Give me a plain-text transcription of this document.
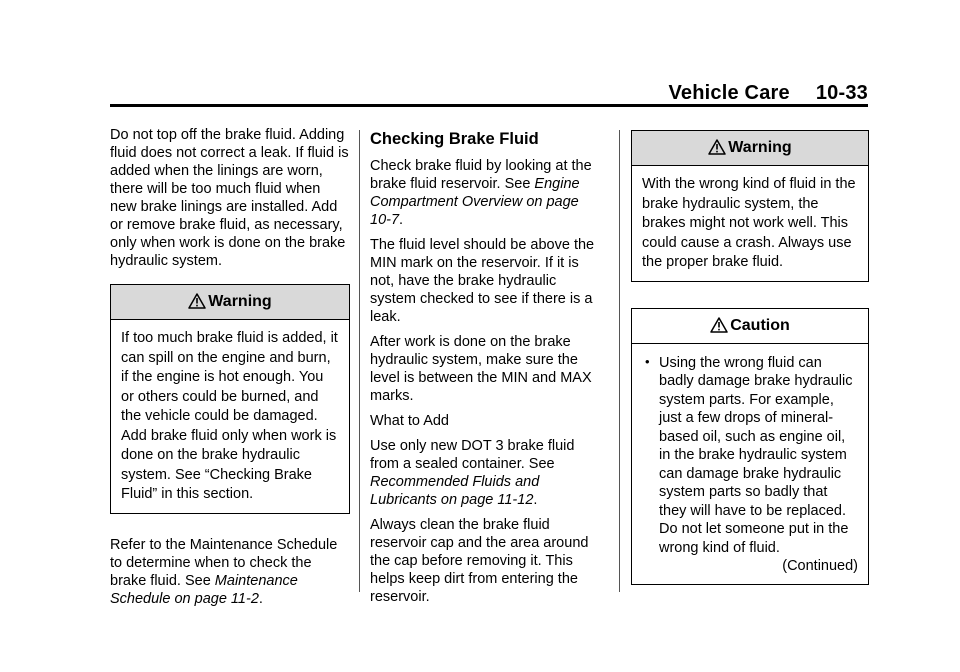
Vehicle Care 10-33

Do not top off the brake fluid. Adding fluid does not correct a leak. If fluid is added when the linings are worn, there will be too much fluid when new brake linings are installed. Add or remove brake fluid, as necessary, only when work is done on the brake hydraulic system.

Warning
If too much brake fluid is added, it can spill on the engine and burn, if the engine is hot enough. You or others could be burned, and the vehicle could be damaged. Add brake fluid only when work is done on the brake hydraulic system. See “Checking Brake Fluid” in this section.

Refer to the Maintenance Schedule to determine when to check the brake fluid. See Maintenance Schedule on page 11‑2.

Checking Brake Fluid

Check brake fluid by looking at the brake fluid reservoir. See Engine Compartment Overview on page 10‑7.

The fluid level should be above the MIN mark on the reservoir. If it is not, have the brake hydraulic system checked to see if there is a leak.

After work is done on the brake hydraulic system, make sure the level is between the MIN and MAX marks.

What to Add

Use only new DOT 3 brake fluid from a sealed container. See Recommended Fluids and Lubricants on page 11‑12.

Always clean the brake fluid reservoir cap and the area around the cap before removing it. This helps keep dirt from entering the reservoir.

Warning
With the wrong kind of fluid in the brake hydraulic system, the brakes might not work well. This could cause a crash. Always use the proper brake fluid.
Caution
• Using the wrong fluid can badly damage brake hydraulic system parts. For example, just a few drops of mineral-based oil, such as engine oil, in the brake hydraulic system can damage brake hydraulic system parts so badly that they will have to be replaced. Do not let someone put in the wrong kind of fluid.
(Continued)
